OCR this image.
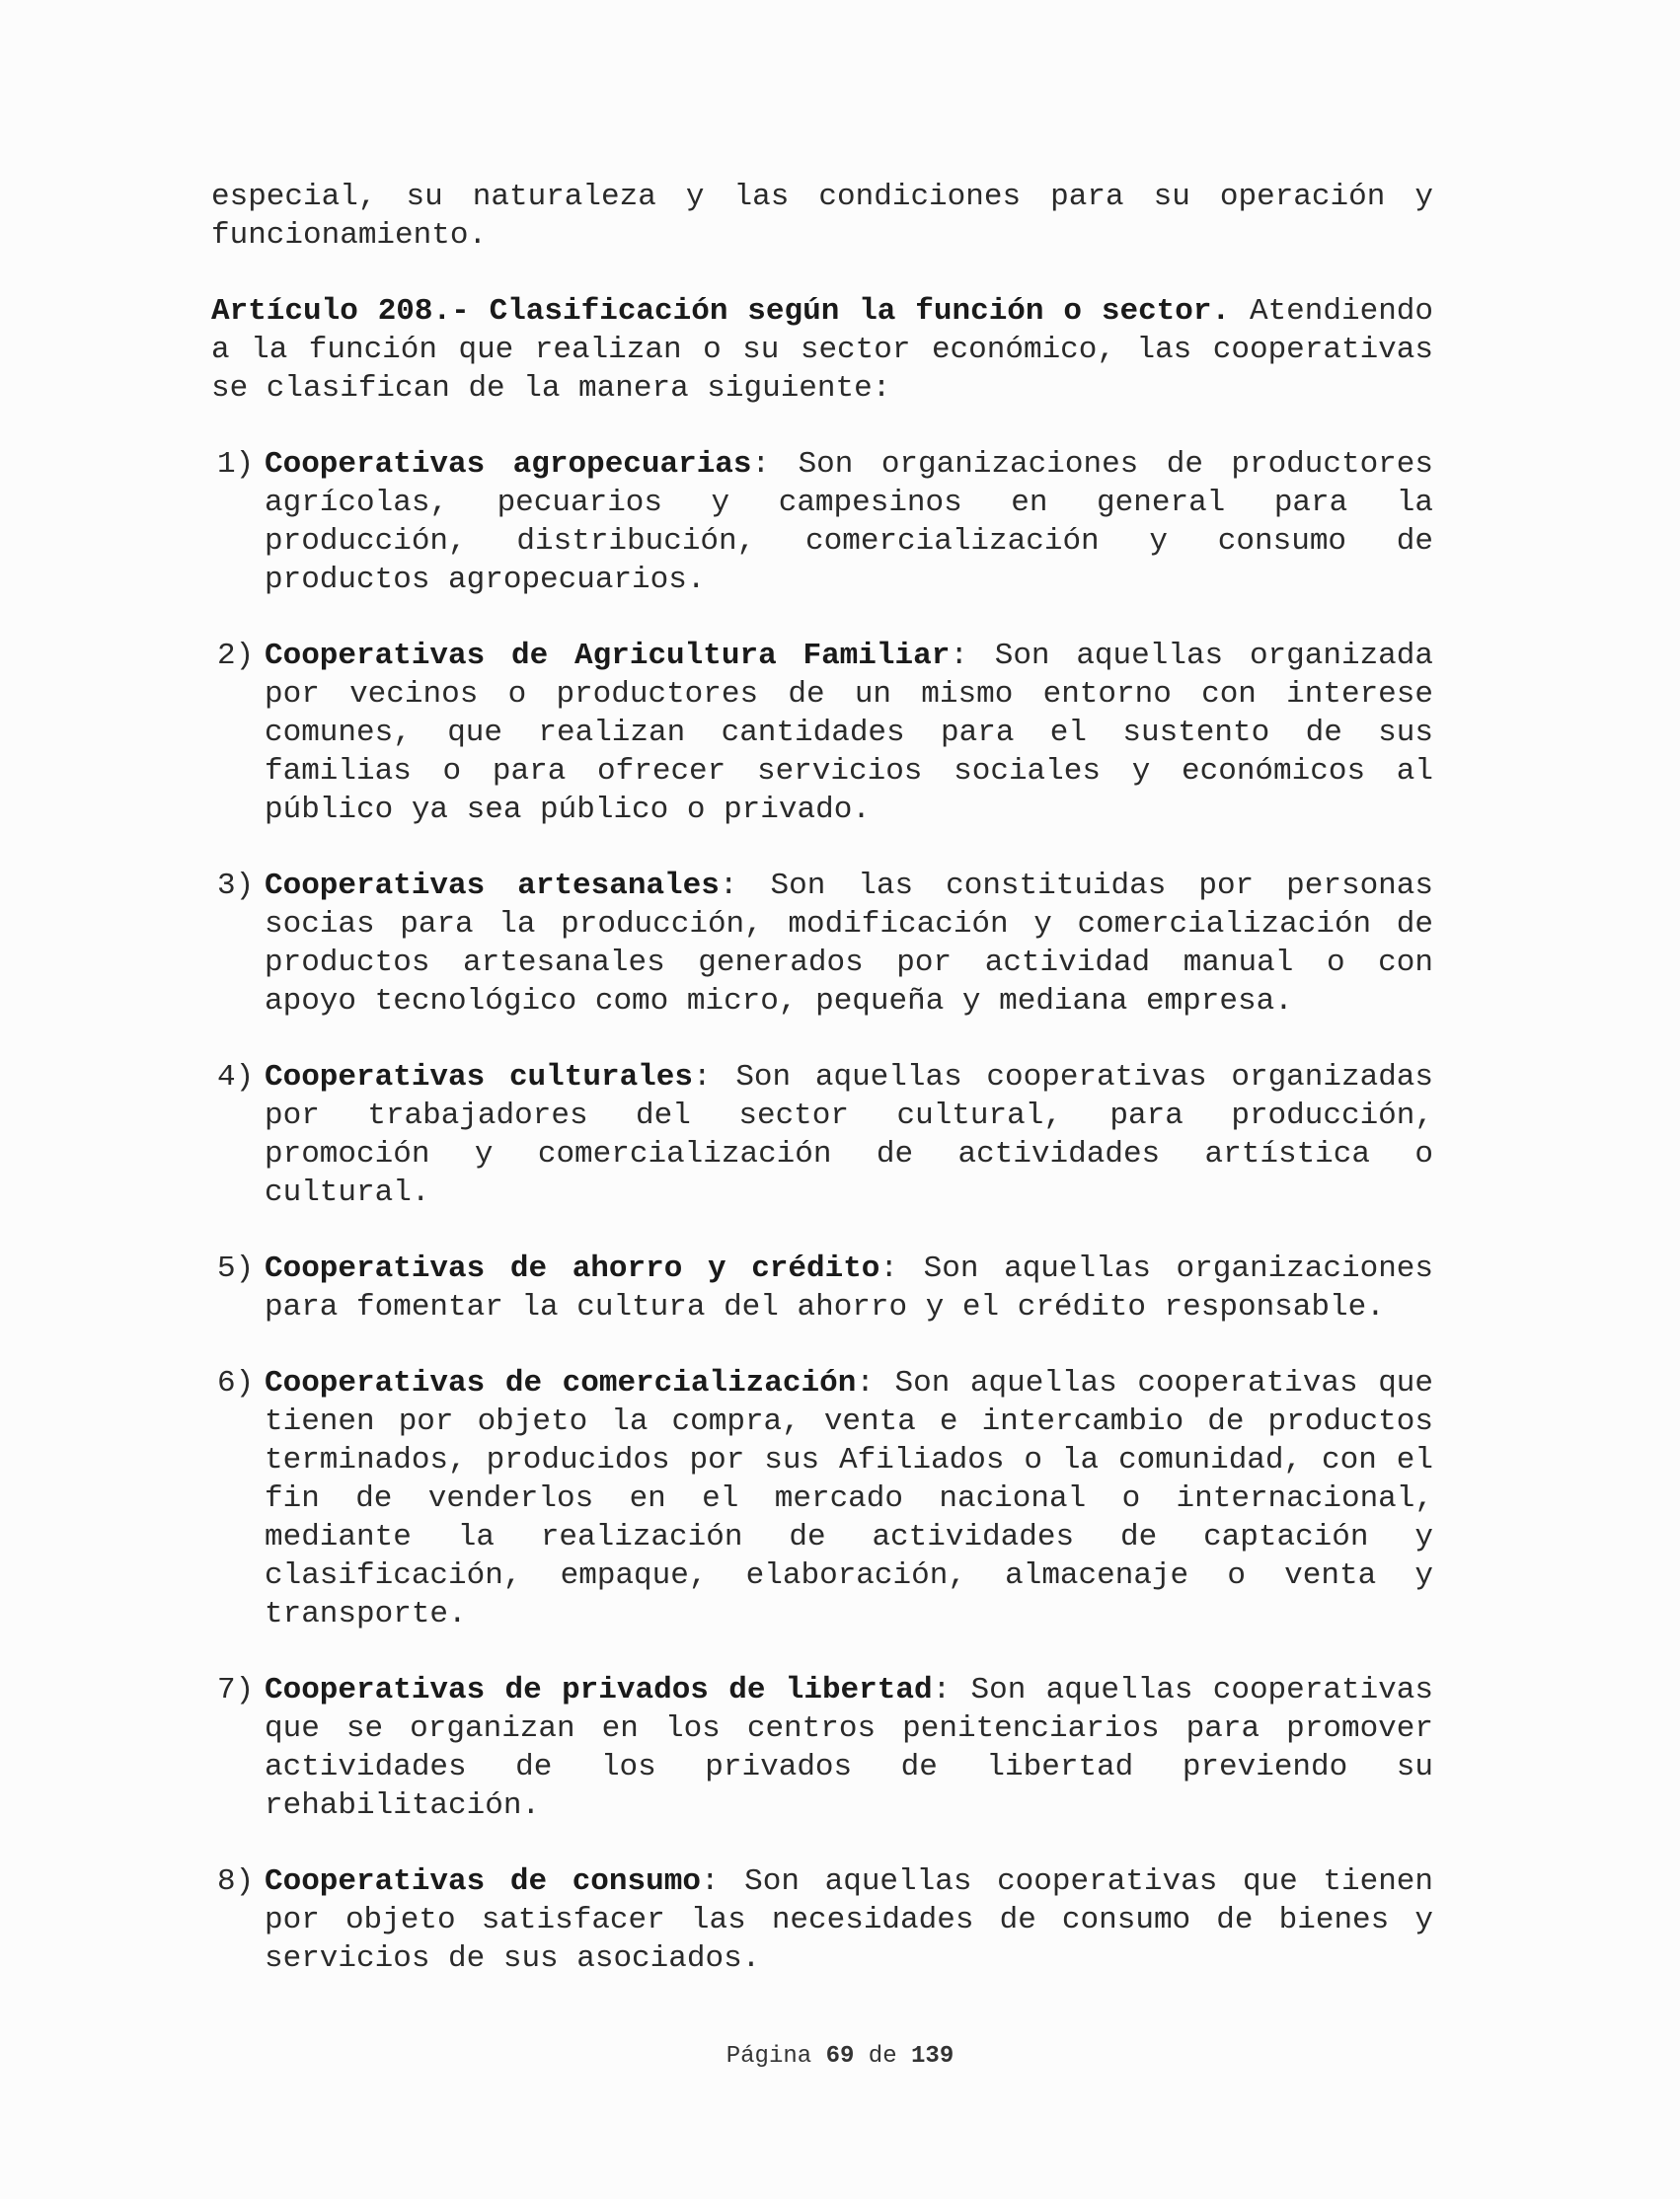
especial, su naturaleza y las condiciones para su operación y funcionamiento.

Artículo 208.- Clasificación según la función o sector. Atendiendo a la función que realizan o su sector económico, las cooperativas se clasifican de la manera siguiente:

1) Cooperativas agropecuarias: Son organizaciones de productores agrícolas, pecuarios y campesinos en general para la producción, distribución, comercialización y consumo de productos agropecuarios.

2) Cooperativas de Agricultura Familiar: Son aquellas organizada por vecinos o productores de un mismo entorno con interese comunes, que realizan cantidades para el sustento de sus familias o para ofrecer servicios sociales y económicos al público ya sea público o privado.

3) Cooperativas artesanales: Son las constituidas por personas socias para la producción, modificación y comercialización de productos artesanales generados por actividad manual o con apoyo tecnológico como micro, pequeña y mediana empresa.

4) Cooperativas culturales: Son aquellas cooperativas organizadas por trabajadores del sector cultural, para producción, promoción y comercialización de actividades artística o cultural.

5) Cooperativas de ahorro y crédito: Son aquellas organizaciones para fomentar la cultura del ahorro y el crédito responsable.

6) Cooperativas de comercialización: Son aquellas cooperativas que tienen por objeto la compra, venta e intercambio de productos terminados, producidos por sus Afiliados o la comunidad, con el fin de venderlos en el mercado nacional o internacional, mediante la realización de actividades de captación y clasificación, empaque, elaboración, almacenaje o venta y transporte.

7) Cooperativas de privados de libertad: Son aquellas cooperativas que se organizan en los centros penitenciarios para promover actividades de los privados de libertad previendo su rehabilitación.

8) Cooperativas de consumo: Son aquellas cooperativas que tienen por objeto satisfacer las necesidades de consumo de bienes y servicios de sus asociados.

Página 69 de 139
